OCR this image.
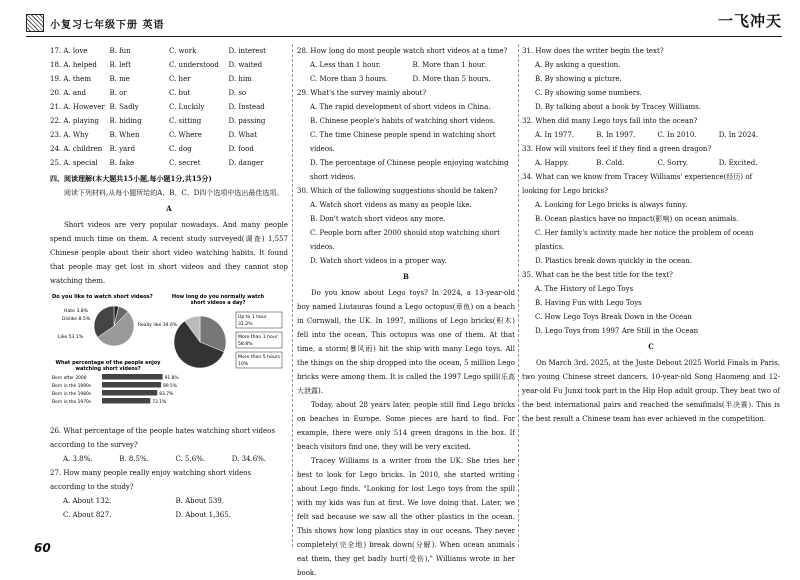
小复习七年级下册 英语	一飞冲天
17. A. love	B. fun	C. work	D. interest
18. A. helped	B. left	C. understood	D. waited
19. A. them	B. me	C. her	D. him
20. A. and	B. or	C. but	D. so
21. A. However B. Sadly	C. Luckily	D. Instead
22. A. playing	B. hiding	C. sitting	D. passing
23. A. Why	B. When	C. Where	D. What
24. A. children	B. yard	C. dog	D. food
25. A. special	B. fake	C. secret	D. danger

四、阅读理解(本大题共15小题,每小题1分,共15分)

阅读下列材料,从每小题所给的A、B、C、D四个选项中选出最佳选项。

A

Short videos are very popular nowadays. And many people spend much time on them. A recent study surveyed(调查) 1,557 Chinese people about their short video watching habits. It found that people may get lost in short videos and they cannot stop watching them.

Do you like to watch short videos?
Hate 3.8%
Dislike 8.5%
Like 53.1%
Really like 34.6%
How long do you normally watch
short videos a day?
Up to 1 hour
31.2%
More than 1 hour
58.8%
More than 5 hours
10%
What percentage of the people enjoy
watching short videos?
Born after 2000	91.8%
Born in the 1990s	89.5%
Born in the 1980s	83.7%
Born in the 1970s	73.1%

26. What percentage of the people hates watching short videos according to the survey?

A. 3.8%.	B. 8.5%.	C. 5.6%.	D. 34.6%.

27. How many people really enjoy watching short videos according to the study?

A. About 132.	B. About 539.
C. About 827.	D. About 1,365.

28. How long do most people watch short videos at a time?

A. Less than 1 hour.	B. More than 1 hour.
C. More than 3 hours.	D. More than 5 hours.

29. What's the survey mainly about?

A. The rapid development of short videos in China.

B. Chinese people's habits of watching short videos.

C. The time Chinese people spend in watching short videos.

D. The percentage of Chinese people enjoying watching short videos.

30. Which of the following suggestions should be taken?

A. Watch short videos as many as people like.

B. Don't watch short videos any more.

C. People born after 2000 should stop watching short videos.

D. Watch short videos in a proper way.

B

Do you know about Lego toys? In 2024, a 13-year-old boy named Liutauras found a Lego octopus(章鱼) on a beach in Cornwall, the UK. In 1997, millions of Lego bricks(积木) fell into the ocean. This octopus was one of them. At that time, a storm(暴风雨) hit the ship with many Lego toys. All the things on the ship dropped into the ocean, 5 million Lego bricks were among them. It is called the 1997 Lego spill(乐高大泄露).

Today, about 28 years later, people still find Lego bricks on beaches in Europe. Some pieces are hard to find. For example, there were only 514 green dragons in the box. If beach visitors find one, they will be very excited.

Tracey Williams is a writer from the UK. She tries her best to look for Lego bricks. In 2010, she started writing about Lego finds. "Looking for lost Lego toys from the spill with my kids was fun at first. We love doing that. Later, we felt sad because we saw all the other plastics in the ocean. This shows how long plastics stay in our oceans. They never completely(完全地) break down(分解). When ocean animals eat them, they get badly hurt(受伤)," Williams wrote in her book.

31. How does the writer begin the text?

A. By asking a question.

B. By showing a picture.

C. By showing some numbers.

D. By talking about a book by Tracey Williams.

32. When did many Lego toys fall into the ocean?

A. In 1977.	B. In 1997.	C. In 2010.	D. In 2024.

33. How will visitors feel if they find a green dragon?

A. Happy.	B. Cold.	C. Sorry.	D. Excited.

34. What can we know from Tracey Williams' experience(经历) of looking for Lego bricks?

A. Looking for Lego bricks is always funny.

B. Ocean plastics have no impact(影响) on ocean animals.

C. Her family's activity made her notice the problem of ocean plastics.

D. Plastics break down quickly in the ocean.

35. What can be the best title for the text?

A. The History of Lego Toys

B. Having Fun with Lego Toys

C. How Lego Toys Break Down in the Ocean

D. Lego Toys from 1997 Are Still in the Ocean

C

On March 3rd, 2025, at the Juste Debout 2025 World Finals in Paris, two young Chinese street dancers, 10-year-old Song Haomeng and 12-year-old Fu Junxi took part in the Hip Hop adult group. They beat two of the best international pairs and reached the semifinals(半决赛). This is the best result a Chinese team has ever achieved in the competition.

60
